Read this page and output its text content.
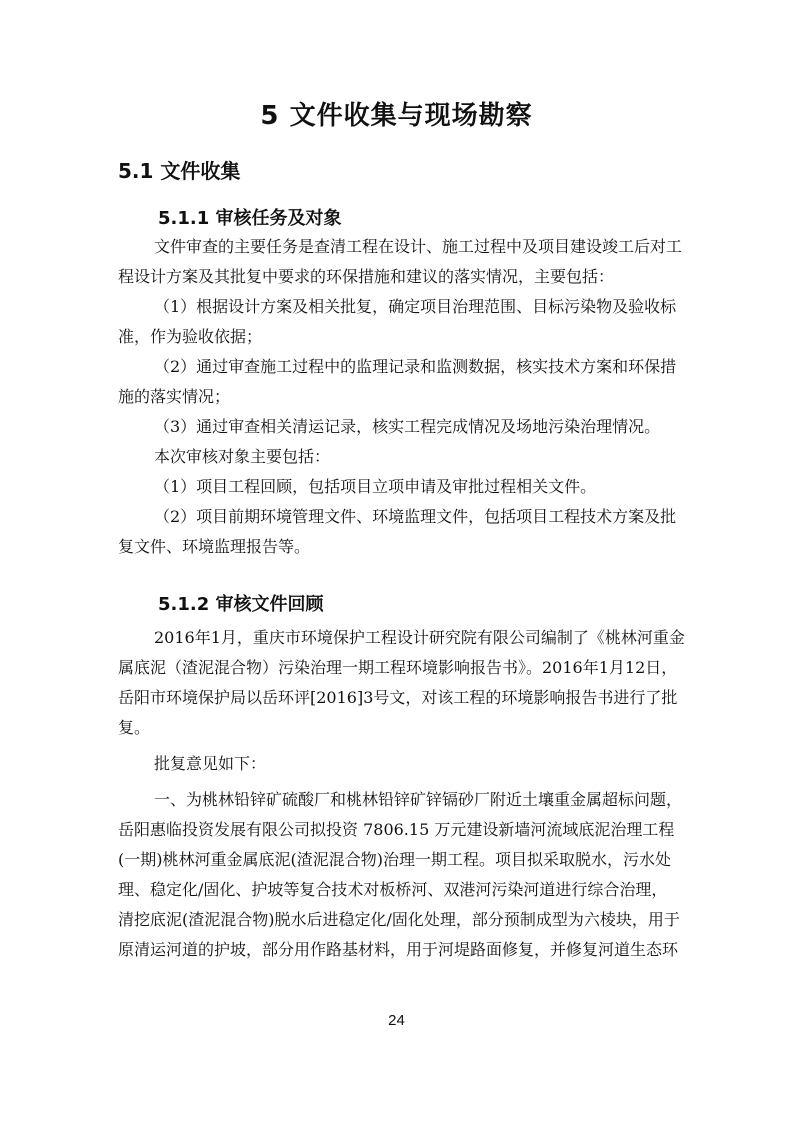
5 文件收集与现场勘察
5.1 文件收集
5.1.1 审核任务及对象
文件审查的主要任务是查清工程在设计、施工过程中及项目建设竣工后对工
程设计方案及其批复中要求的环保措施和建议的落实情况，主要包括：
（1）根据设计方案及相关批复，确定项目治理范围、目标污染物及验收标
准，作为验收依据；
（2）通过审查施工过程中的监理记录和监测数据，核实技术方案和环保措
施的落实情况；
（3）通过审查相关清运记录，核实工程完成情况及场地污染治理情况。
本次审核对象主要包括：
（1）项目工程回顾，包括项目立项申请及审批过程相关文件。
（2）项目前期环境管理文件、环境监理文件，包括项目工程技术方案及批
复文件、环境监理报告等。
5.1.2 审核文件回顾
2016年1月，重庆市环境保护工程设计研究院有限公司编制了《桃林河重金
属底泥（渣泥混合物）污染治理一期工程环境影响报告书》。2016年1月12日，
岳阳市环境保护局以岳环评[2016]3号文，对该工程的环境影响报告书进行了批
复。
批复意见如下：
一、为桃林铅锌矿硫酸厂和桃林铅锌矿锌镉砂厂附近土壤重金属超标问题，
岳阳惠临投资发展有限公司拟投资 7806.15 万元建设新墙河流域底泥治理工程
(一期)桃林河重金属底泥(渣泥混合物)治理一期工程。项目拟采取脱水，污水处
理、稳定化/固化、护坡等复合技术对板桥河、双港河污染河道进行综合治理，
清挖底泥(渣泥混合物)脱水后进稳定化/固化处理，部分预制成型为六棱块，用于
原清运河道的护坡，部分用作路基材料，用于河堤路面修复，并修复河道生态环
24
